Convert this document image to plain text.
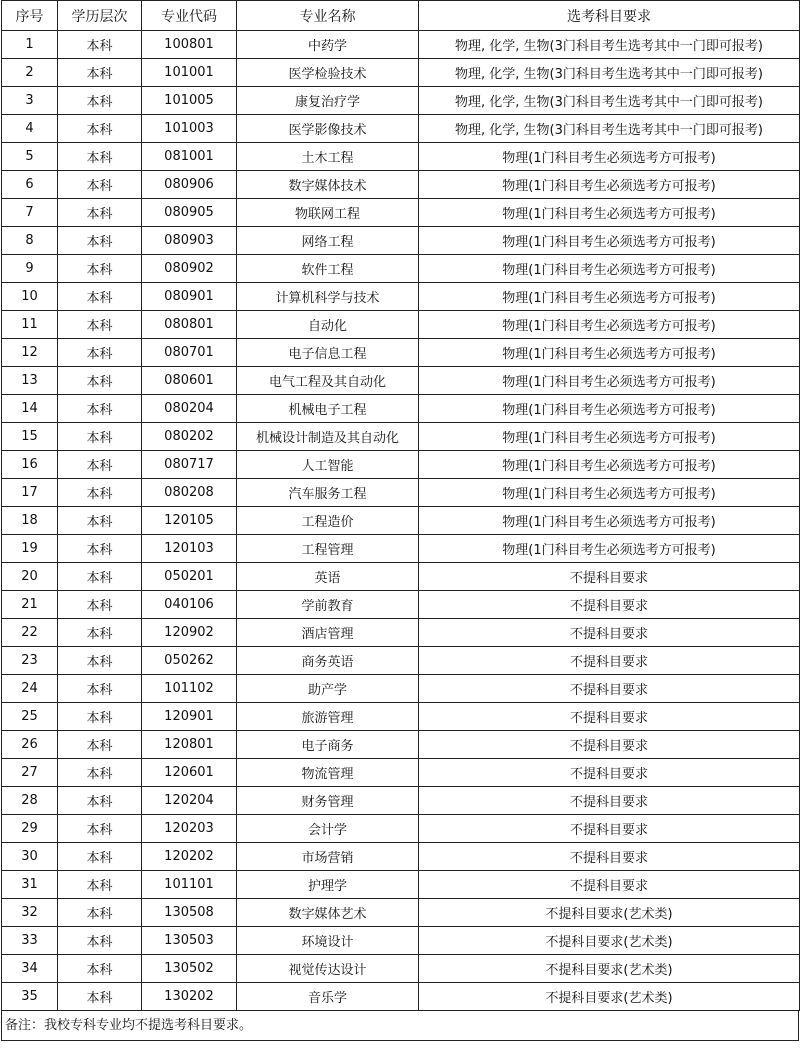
序号	学历层次	专业代码	专业名称	选考科目要求
1	本科	100801	中药学	物理, 化学, 生物(3门科目考生选考其中一门即可报考)
2	本科	101001	医学检验技术	物理, 化学, 生物(3门科目考生选考其中一门即可报考)
3	本科	101005	康复治疗学	物理, 化学, 生物(3门科目考生选考其中一门即可报考)
4	本科	101003	医学影像技术	物理, 化学, 生物(3门科目考生选考其中一门即可报考)
5	本科	081001	土木工程	物理(1门科目考生必须选考方可报考)
6	本科	080906	数字媒体技术	物理(1门科目考生必须选考方可报考)
7	本科	080905	物联网工程	物理(1门科目考生必须选考方可报考)
8	本科	080903	网络工程	物理(1门科目考生必须选考方可报考)
9	本科	080902	软件工程	物理(1门科目考生必须选考方可报考)
10	本科	080901	计算机科学与技术	物理(1门科目考生必须选考方可报考)
11	本科	080801	自动化	物理(1门科目考生必须选考方可报考)
12	本科	080701	电子信息工程	物理(1门科目考生必须选考方可报考)
13	本科	080601	电气工程及其自动化	物理(1门科目考生必须选考方可报考)
14	本科	080204	机械电子工程	物理(1门科目考生必须选考方可报考)
15	本科	080202	机械设计制造及其自动化	物理(1门科目考生必须选考方可报考)
16	本科	080717	人工智能	物理(1门科目考生必须选考方可报考)
17	本科	080208	汽车服务工程	物理(1门科目考生必须选考方可报考)
18	本科	120105	工程造价	物理(1门科目考生必须选考方可报考)
19	本科	120103	工程管理	物理(1门科目考生必须选考方可报考)
20	本科	050201	英语	不提科目要求
21	本科	040106	学前教育	不提科目要求
22	本科	120902	酒店管理	不提科目要求
23	本科	050262	商务英语	不提科目要求
24	本科	101102	助产学	不提科目要求
25	本科	120901	旅游管理	不提科目要求
26	本科	120801	电子商务	不提科目要求
27	本科	120601	物流管理	不提科目要求
28	本科	120204	财务管理	不提科目要求
29	本科	120203	会计学	不提科目要求
30	本科	120202	市场营销	不提科目要求
31	本科	101101	护理学	不提科目要求
32	本科	130508	数字媒体艺术	不提科目要求(艺术类)
33	本科	130503	环境设计	不提科目要求(艺术类)
34	本科	130502	视觉传达设计	不提科目要求(艺术类)
35	本科	130202	音乐学	不提科目要求(艺术类)
备注：我校专科专业均不提选考科目要求。
